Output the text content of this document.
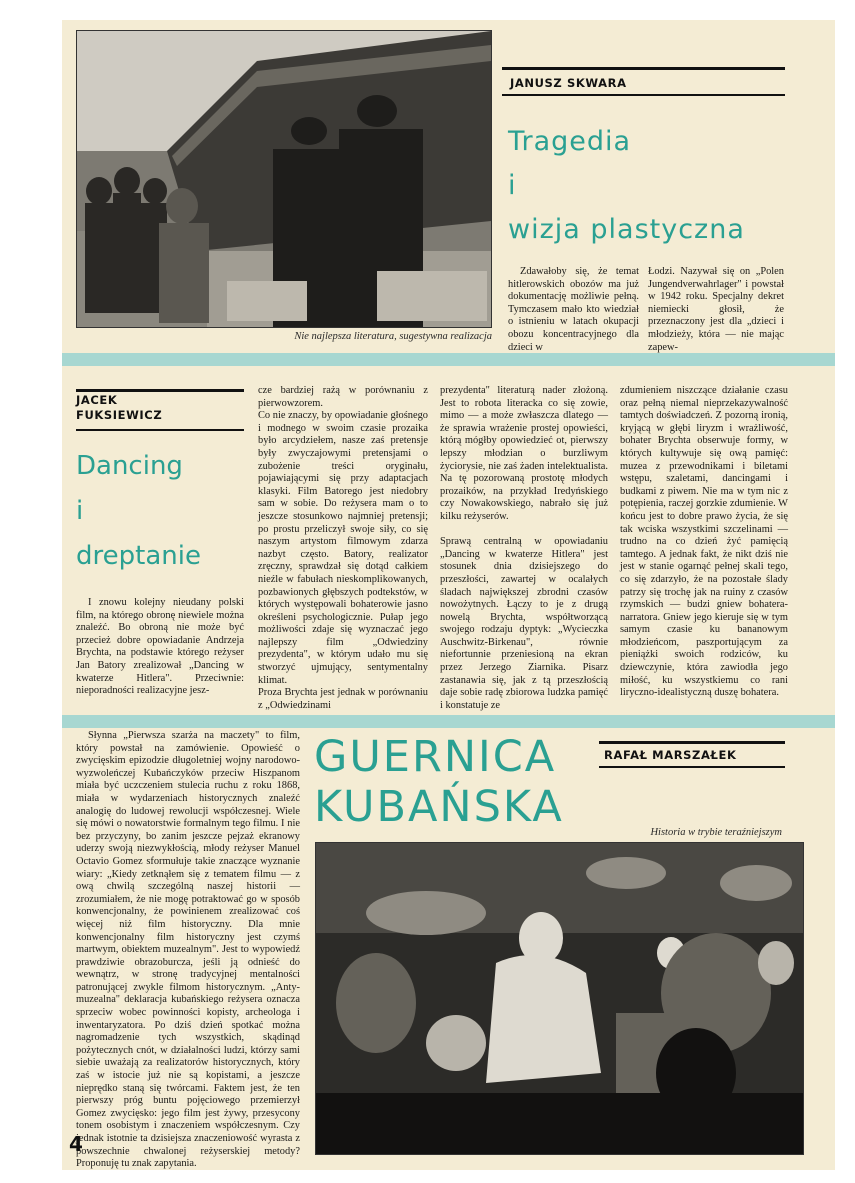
Nie najlepsza literatura, sugestywna realizacja
JANUSZ SKWARA
Tragedia
i
wizja plastyczna
Zdawałoby się, że temat hitlerowskich obozów ma już dokumentację możliwie pełną. Tymczasem mało kto wiedział o istnieniu w latach okupacji obozu koncentracyjnego dla dzieci w
Łodzi. Nazywał się on „Polen Jungendverwahrlager" i powstał w 1942 roku. Specjalny dekret niemiecki głosił, że przeznaczony jest dla „dzieci i młodzieży, która — nie mając zapew-
JACEK FUKSIEWICZ
Dancing
i
dreptanie
I znowu kolejny nieudany polski film, na którego obronę niewiele można znaleźć. Bo obroną nie może być przecież dobre opowiadanie Andrzeja Brychta, na podstawie którego reżyser Jan Batory zrealizował „Dancing w kwaterze Hitlera". Przeciwnie: nieporadności realizacyjne jesz-
cze bardziej rażą w porównaniu z pierwowzorem.
Co nie znaczy, by opowiadanie głośnego i modnego w swoim czasie prozaika było arcydziełem, nasze zaś pretensje były zwyczajowymi pretensjami o zubożenie treści oryginału, pojawiającymi się przy adaptacjach klasyki. Film Batorego jest niedobry sam w sobie. Do reżysera mam o to jeszcze stosunkowo najmniej pretensji; po prostu przeliczył swoje siły, co się naszym artystom filmowym zdarza nazbyt często. Batory, realizator zręczny, sprawdzał się dotąd całkiem nieźle w fabułach nieskomplikowanych, pozbawionych głębszych podtekstów, w których występowali bohaterowie jasno określeni psychologicznie. Pułap jego możliwości zdaje się wyznaczać jego najlepszy film „Odwiedziny prezydenta", w którym udało mu się stworzyć ujmujący, sentymentalny klimat.
Proza Brychta jest jednak w porównaniu z „Odwiedzinami
prezydenta" literaturą nader złożoną. Jest to robota literacka co się zowie, mimo — a może zwłaszcza dlatego — że sprawia wrażenie prostej opowieści, którą mógłby opowiedzieć ot, pierwszy lepszy młodzian o burzliwym życiorysie, nie zaś żaden intelektualista. Na tę pozorowaną prostotę młodych prozaików, na przykład Iredyńskiego czy Nowakowskiego, nabrało się już kilku reżyserów.

Sprawą centralną w opowiadaniu „Dancing w kwaterze Hitlera" jest stosunek dnia dzisiejszego do przeszłości, zawartej w ocalałych śladach największej zbrodni czasów nowożytnych. Łączy to je z drugą nowelą Brychta, współtworzącą swojego rodzaju dyptyk: „Wycieczka Auschwitz-Birkenau", równie niefortunnie przeniesioną na ekran przez Jerzego Ziarnika. Pisarz zastanawia się, jak z tą przeszłością daje sobie radę zbiorowa ludzka pamięć i konstatuje ze
zdumieniem niszczące działanie czasu oraz pełną niemal nieprzekazywalność tamtych doświadczeń. Z pozorną ironią, kryjącą w głębi liryzm i wrażliwość, bohater Brychta obserwuje formy, w których kultywuje się ową pamięć: muzea z przewodnikami i biletami wstępu, szaletami, dancingami i budkami z piwem. Nie ma w tym nic z potępienia, raczej gorzkie zdumienie. W końcu jest to dobre prawo życia, że się tak wciska wszystkimi szczelinami — trudno na co dzień żyć pamięcią tamtego. A jednak fakt, że nikt dziś nie jest w stanie ogarnąć pełnej skali tego, co się zdarzyło, że na pozostałe ślady patrzy się trochę jak na ruiny z czasów rzymskich — budzi gniew bohatera-narratora. Gniew jego kieruje się w tym samym czasie ku bananowym młodzieńcom, paszportującym za pieniążki swoich rodziców, ku dziewczynie, która zawiodła jego miłość, ku wszystkiemu co rani liryczno-idealistyczną duszę bohatera.
Słynna „Pierwsza szarża na maczety" to film, który powstał na zamówienie. Opowieść o zwycięskim epizodzie długoletniej wojny narodowo-wyzwoleńczej Kubańczyków przeciw Hiszpanom miała być uczczeniem stulecia ruchu z roku 1868, miała w wydarzeniach historycznych znaleźć analogię do ludowej rewolucji współczesnej. Wiele się mówi o nowatorstwie formalnym tego filmu. I nie bez przyczyny, bo zanim jeszcze pejzaż ekranowy uderzy swoją niezwykłością, młody reżyser Manuel Octavio Gomez sformułuje takie znaczące wyznanie wiary: „Kiedy zetknąłem się z tematem filmu — z ową chwilą szczególną naszej historii — zrozumiałem, że nie mogę potraktować go w sposób konwencjonalny, że powinienem zrealizować coś więcej niż film historyczny. Dla mnie konwencjonalny film historyczny jest czymś martwym, obiektem muzealnym". Jest to wypowiedź prawdziwie obrazoburcza, jeśli ją odnieść do wewnątrz, w stronę tradycyjnej mentalności patronującej zwykle filmom historycznym. „Anty-muzealna" deklaracja kubańskiego reżysera oznacza sprzeciw wobec powinności kopisty, archeologa i inwentaryzatora. Po dziś dzień spotkać można nagromadzenie tych wszystkich, skądinąd pożytecznych cnót, w działalności ludzi, którzy sami siebie uważają za realizatorów historycznych, który zaś w istocie już nie są kopistami, a jeszcze nieprędko staną się twórcami. Faktem jest, że ten pierwszy próg buntu pojęciowego przemierzył Gomez zwycięsko: jego film jest żywy, przesycony tonem osobistym i znaczeniem współczesnym. Czy jednak istotnie ta dzisiejsza znaczeniowość wyrasta z powszechnie chwalonej reżyserskiej metody? Proponuję tu znak zapytania.
GUERNICA
KUBAŃSKA
RAFAŁ MARSZAŁEK
Historia w trybie teraźniejszym
4
